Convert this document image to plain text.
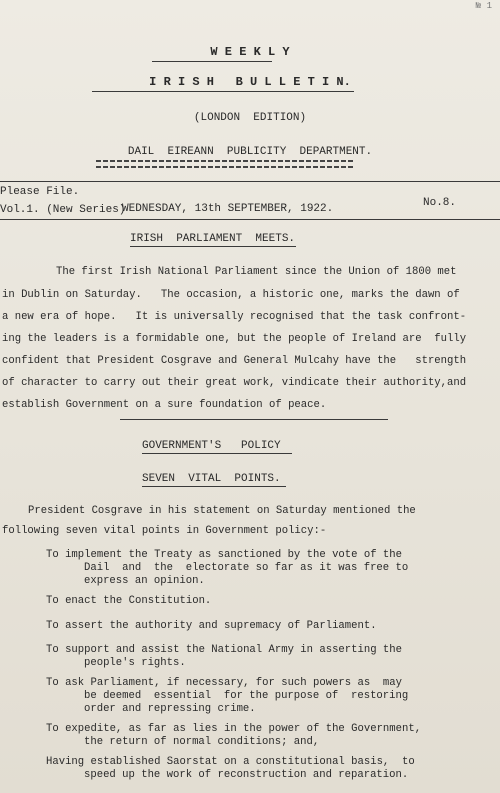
№ 1
W E E K L Y
I R I S H   B U L L E T I N.
(LONDON  EDITION)
DAIL  EIREANN  PUBLICITY  DEPARTMENT.
Please File.
Vol.1. (New Series)
WEDNESDAY, 13th SEPTEMBER, 1922.	No.8.
IRISH  PARLIAMENT  MEETS.
The first Irish National Parliament since the Union of 1800 met
in Dublin on Saturday.   The occasion, a historic one, marks the dawn of
a new era of hope.   It is universally recognised that the task confront-
ing the leaders is a formidable one, but the people of Ireland are  fully
confident that President Cosgrave and General Mulcahy have the   strength
of character to carry out their great work, vindicate their authority,and
establish Government on a sure foundation of peace.
GOVERNMENT'S   POLICY
SEVEN  VITAL  POINTS.
President Cosgrave in his statement on Saturday mentioned the
following seven vital points in Government policy:-
To implement the Treaty as sanctioned by the vote of the
Dail  and  the  electorate so far as it was free to
express an opinion.
To enact the Constitution.
To assert the authority and supremacy of Parliament.
To support and assist the National Army in asserting the
people's rights.
To ask Parliament, if necessary, for such powers as  may
be deemed  essential  for the purpose of  restoring
order and repressing crime.
To expedite, as far as lies in the power of the Government,
the return of normal conditions; and,
Having established Saorstat on a constitutional basis,  to
speed up the work of reconstruction and reparation.
